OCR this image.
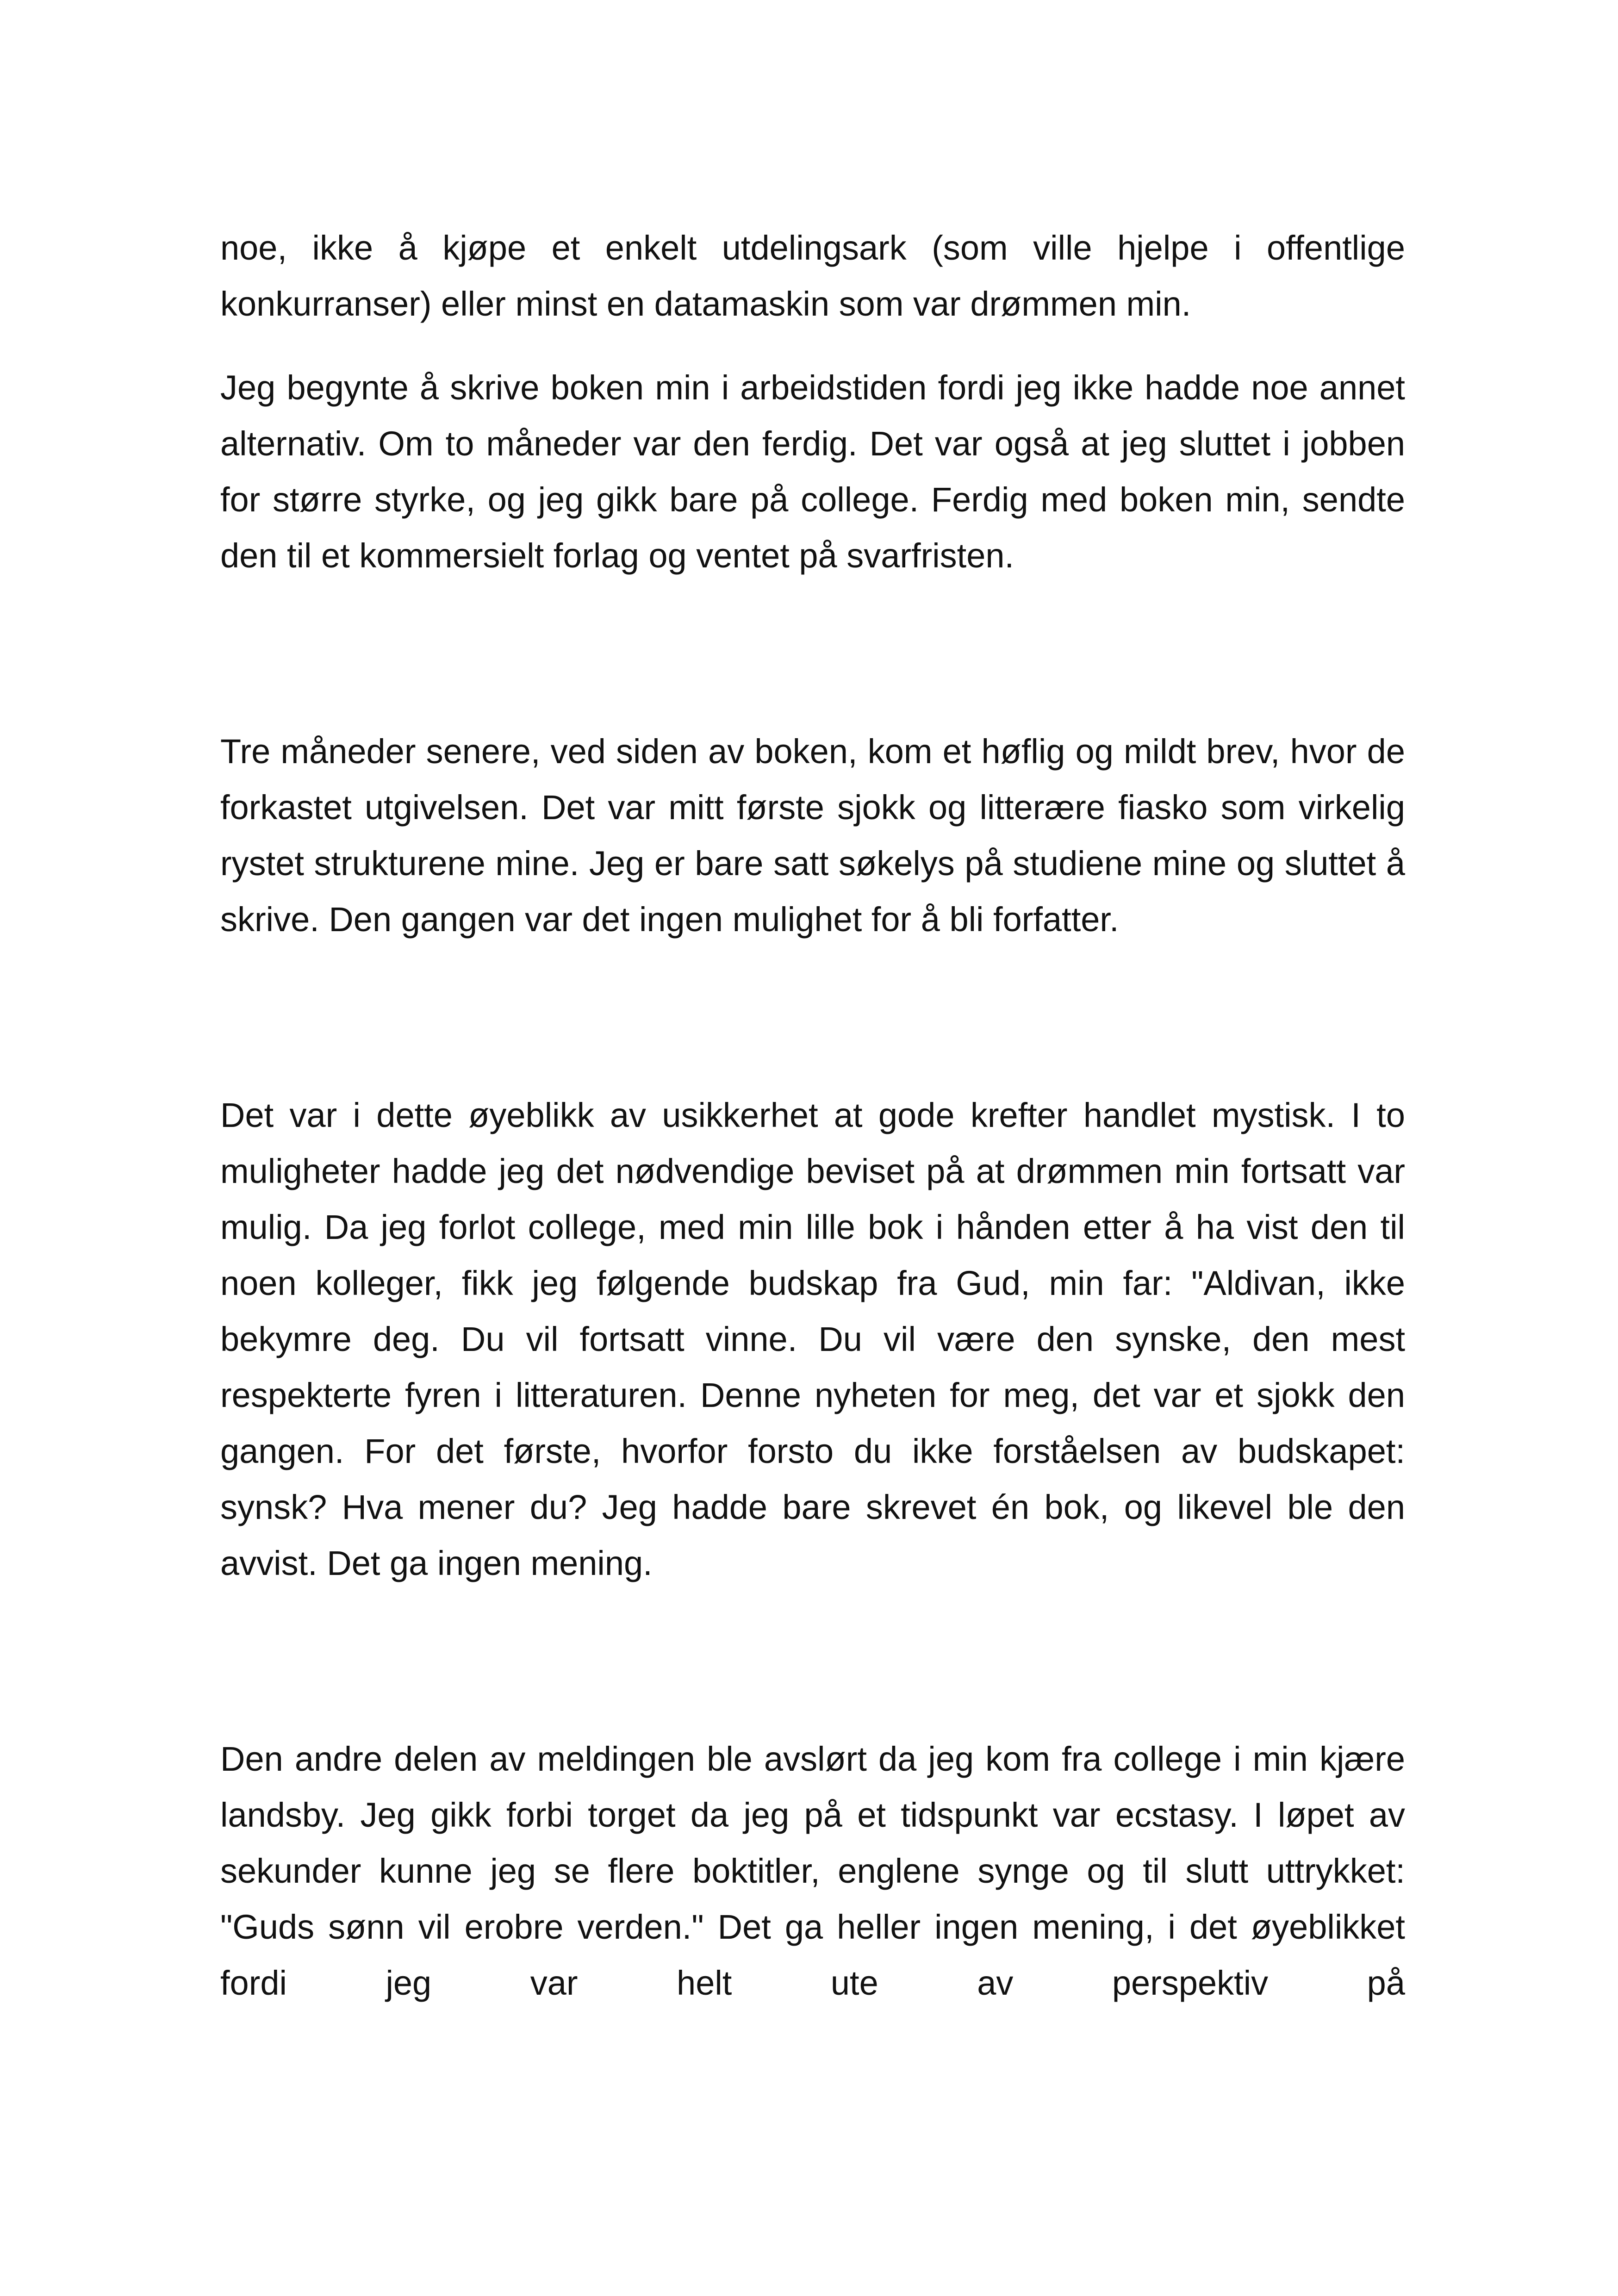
noe, ikke å kjøpe et enkelt utdelingsark (som ville hjelpe i offentlige konkurranser) eller minst en datamaskin som var drømmen min.

Jeg begynte å skrive boken min i arbeidstiden fordi jeg ikke hadde noe annet alternativ. Om to måneder var den ferdig. Det var også at jeg sluttet i jobben for større styrke, og jeg gikk bare på college. Ferdig med boken min, sendte den til et kommersielt forlag og ventet på svarfristen.

Tre måneder senere, ved siden av boken, kom et høflig og mildt brev, hvor de forkastet utgivelsen. Det var mitt første sjokk og litterære fiasko som virkelig rystet strukturene mine. Jeg er bare satt søkelys på studiene mine og sluttet å skrive. Den gangen var det ingen mulighet for å bli forfatter.

Det var i dette øyeblikk av usikkerhet at gode krefter handlet mystisk. I to muligheter hadde jeg det nødvendige beviset på at drømmen min fortsatt var mulig. Da jeg forlot college, med min lille bok i hånden etter å ha vist den til noen kolleger, fikk jeg følgende budskap fra Gud, min far: "Aldivan, ikke bekymre deg. Du vil fortsatt vinne. Du vil være den synske, den mest respekterte fyren i litteraturen. Denne nyheten for meg, det var et sjokk den gangen. For det første, hvorfor forsto du ikke forståelsen av budskapet: synsk? Hva mener du? Jeg hadde bare skrevet én bok, og likevel ble den avvist. Det ga ingen mening.

Den andre delen av meldingen ble avslørt da jeg kom fra college i min kjære landsby. Jeg gikk forbi torget da jeg på et tidspunkt var ecstasy. I løpet av sekunder kunne jeg se flere boktitler, englene synge og til slutt uttrykket: "Guds sønn vil erobre verden." Det ga heller ingen mening, i det øyeblikket fordi jeg var helt ute av perspektiv på
